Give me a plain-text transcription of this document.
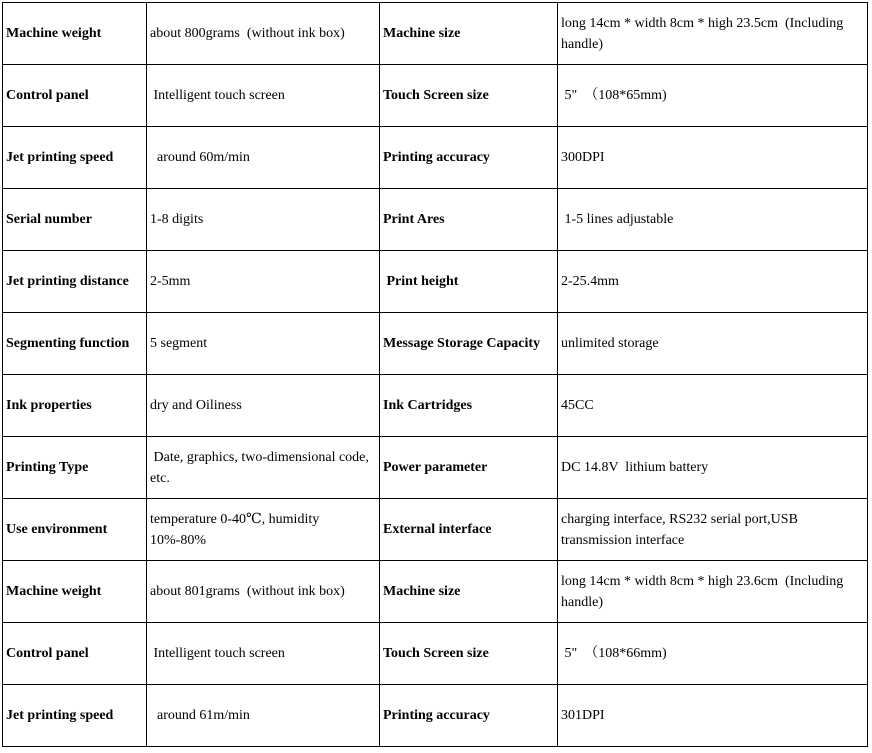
Machine weight	about 800grams  (without ink box)	Machine size	long 14cm * width 8cm * high 23.5cm  (Including handle)
Control panel	Intelligent touch screen	Touch Screen size	5"  （108*65mm)
Jet printing speed	around 60m/min	Printing accuracy	300DPI
Serial number	1-8 digits	Print Ares	1-5 lines adjustable
Jet printing distance	2-5mm	Print height	2-25.4mm
Segmenting function	5 segment	Message Storage Capacity	unlimited storage
Ink properties	dry and Oiliness	Ink Cartridges	45CC
Printing Type	Date, graphics, two-dimensional code, etc.	Power parameter	DC 14.8V  lithium battery
Use environment	temperature 0-40℃, humidity 10%-80%	External interface	charging interface, RS232 serial port,USB transmission interface
Machine weight	about 801grams  (without ink box)	Machine size	long 14cm * width 8cm * high 23.6cm  (Including handle)
Control panel	Intelligent touch screen	Touch Screen size	5"  （108*66mm)
Jet printing speed	around 61m/min	Printing accuracy	301DPI
